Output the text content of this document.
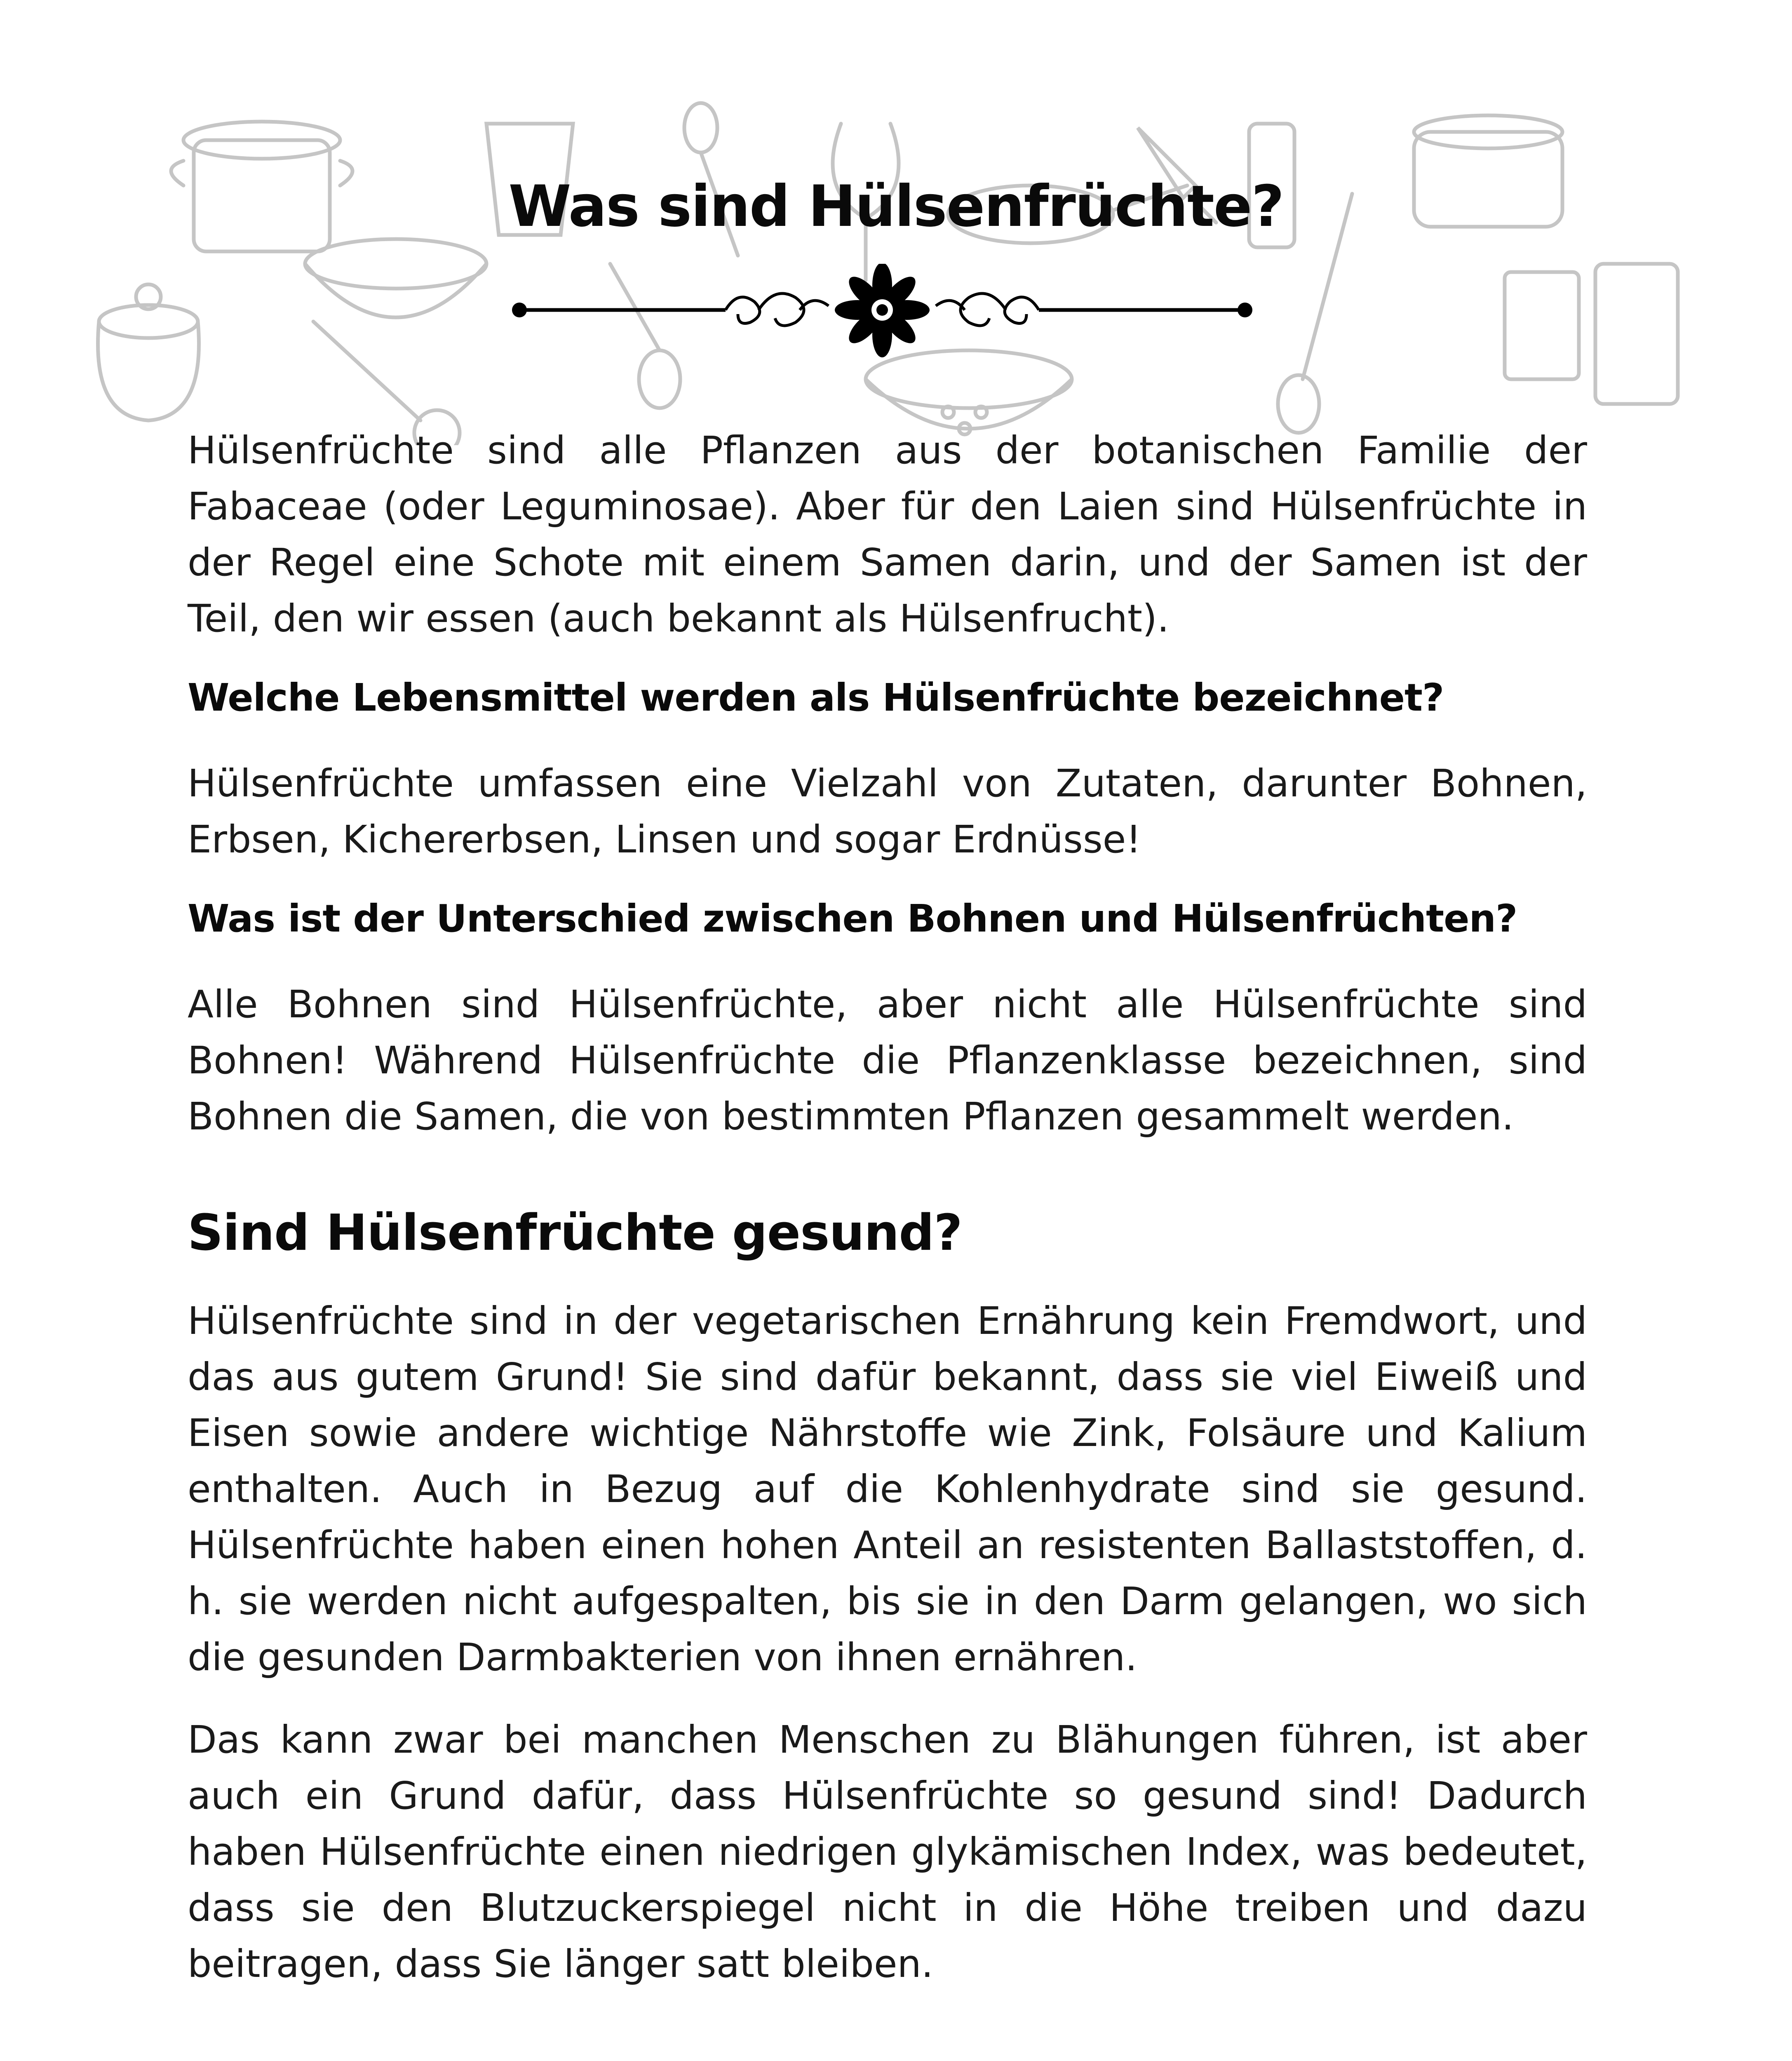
Was sind Hülsenfrüchte?

Hülsenfrüchte sind alle Pflanzen aus der botanischen Familie der Fabaceae (oder Leguminosae). Aber für den Laien sind Hülsenfrüchte in der Regel eine Schote mit einem Samen darin, und der Samen ist der Teil, den wir essen (auch bekannt als Hülsenfrucht).

Welche Lebensmittel werden als Hülsenfrüchte bezeichnet?

Hülsenfrüchte umfassen eine Vielzahl von Zutaten, darunter Bohnen, Erbsen, Kichererbsen, Linsen und sogar Erdnüsse!

Was ist der Unterschied zwischen Bohnen und Hülsenfrüchten?

Alle Bohnen sind Hülsenfrüchte, aber nicht alle Hülsenfrüchte sind Bohnen! Während Hülsenfrüchte die Pflanzenklasse bezeichnen, sind Bohnen die Samen, die von bestimmten Pflanzen gesammelt werden.

Sind Hülsenfrüchte gesund?

Hülsenfrüchte sind in der vegetarischen Ernährung kein Fremdwort, und das aus gutem Grund! Sie sind dafür bekannt, dass sie viel Eiweiß und Eisen sowie andere wichtige Nährstoffe wie Zink, Folsäure und Kalium enthalten. Auch in Bezug auf die Kohlenhydrate sind sie gesund. Hülsenfrüchte haben einen hohen Anteil an resistenten Ballaststoffen, d. h. sie werden nicht aufgespalten, bis sie in den Darm gelangen, wo sich die gesunden Darmbakterien von ihnen ernähren.

Das kann zwar bei manchen Menschen zu Blähungen führen, ist aber auch ein Grund dafür, dass Hülsenfrüchte so gesund sind! Dadurch haben Hülsenfrüchte einen niedrigen glykämischen Index, was bedeutet, dass sie den Blutzuckerspiegel nicht in die Höhe treiben und dazu beitragen, dass Sie länger satt bleiben.
